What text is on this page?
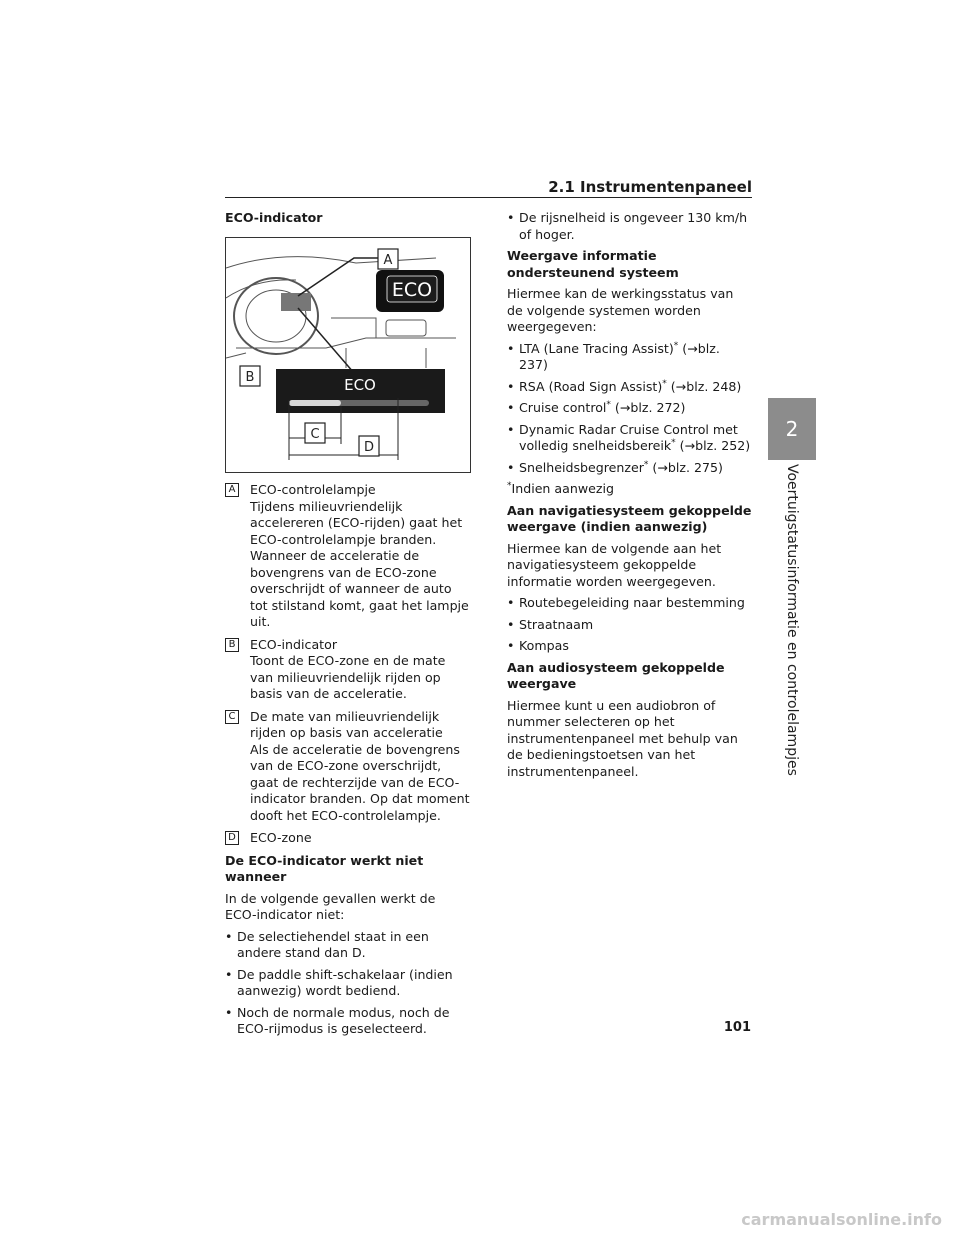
2.1 Instrumentenpaneel
2
Voertuigstatusinformatie en controlelampjes
ECO-indicator
A
ECO
B	ECO
C
D
A ECO-controlelampje
Tijdens milieuvriendelijk accelereren (ECO-rijden) gaat het ECO-controlelampje branden. Wanneer de acceleratie de bovengrens van de ECO-zone overschrijdt of wanneer de auto tot stilstand komt, gaat het lampje uit.
B ECO-indicator
Toont de ECO-zone en de mate van milieuvriendelijk rijden op basis van de acceleratie.
C De mate van milieuvriendelijk rijden op basis van acceleratie
Als de acceleratie de bovengrens van de ECO-zone overschrijdt, gaat de rechterzijde van de ECO-indicator branden. Op dat moment dooft het ECO-controlelampje.
D ECO-zone
De ECO-indicator werkt niet wanneer

In de volgende gevallen werkt de ECO-indicator niet:

• De selectiehendel staat in een andere stand dan D.
• De paddle shift-schakelaar (indien aanwezig) wordt bediend.
• Noch de normale modus, noch de ECO-rijmodus is geselecteerd.
• De rijsnelheid is ongeveer 130 km/h of hoger.
Weergave informatie ondersteunend systeem

Hiermee kan de werkingsstatus van de volgende systemen worden weergegeven:

• LTA (Lane Tracing Assist)* (→blz. 237)
• RSA (Road Sign Assist)* (→blz. 248)
• Cruise control* (→blz. 272)
• Dynamic Radar Cruise Control met volledig snelheidsbereik* (→blz. 252)
• Snelheidsbegrenzer* (→blz. 275)

*Indien aanwezig

Aan navigatiesysteem gekoppelde weergave (indien aanwezig)

Hiermee kan de volgende aan het navigatiesysteem gekoppelde informatie worden weergegeven.

• Routebegeleiding naar bestemming
• Straatnaam
• Kompas
Aan audiosysteem gekoppelde weergave

Hiermee kunt u een audiobron of nummer selecteren op het instrumentenpaneel met behulp van de bedieningstoetsen van het instrumentenpaneel.

101
carmanualsonline.info
